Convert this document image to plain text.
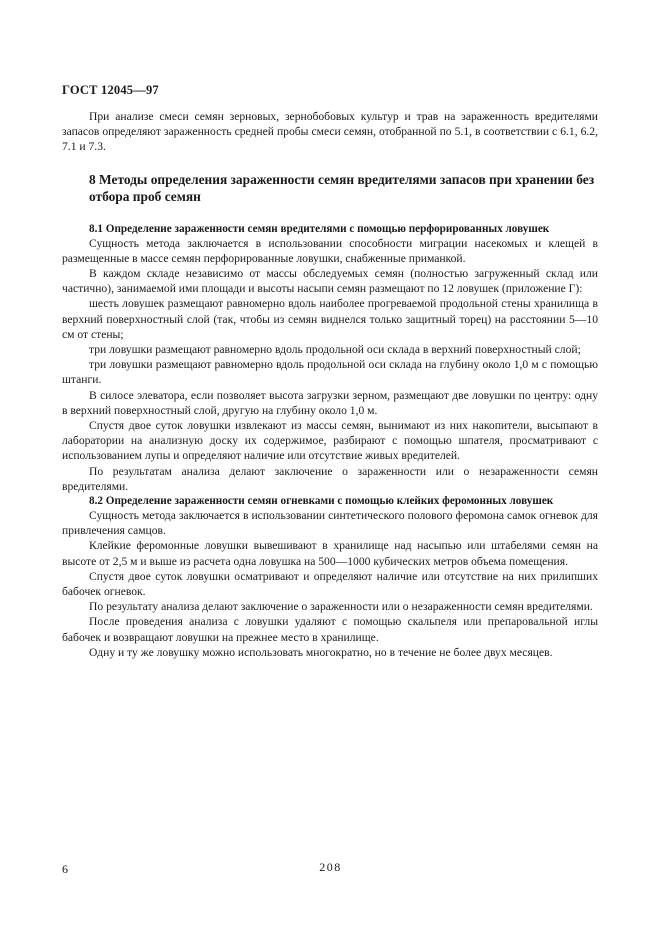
ГОСТ 12045—97

При анализе смеси семян зерновых, зернобобовых культур и трав на зараженность вредителями запасов определяют зараженность средней пробы смеси семян, отобранной по 5.1, в соответствии с 6.1, 6.2, 7.1 и 7.3.

8 Методы определения зараженности семян вредителями запасов при хранении без отбора проб семян
8.1 Определение зараженности семян вредителями с помощью перфорированных ловушек

Сущность метода заключается в использовании способности миграции насекомых и клещей в размещенные в массе семян перфорированные ловушки, снабженные приманкой.

В каждом складе независимо от массы обследуемых семян (полностью загруженный склад или частично), занимаемой ими площади и высоты насыпи семян размещают по 12 ловушек (приложение Г):

шесть ловушек размещают равномерно вдоль наиболее прогреваемой продольной стены хранилища в верхний поверхностный слой (так, чтобы из семян виднелся только защитный торец) на расстоянии 5—10 см от стены;

три ловушки размещают равномерно вдоль продольной оси склада в верхний поверхностный слой;

три ловушки размещают равномерно вдоль продольной оси склада на глубину около 1,0 м с помощью штанги.

В силосе элеватора, если позволяет высота загрузки зерном, размещают две ловушки по центру: одну в верхний поверхностный слой, другую на глубину около 1,0 м.

Спустя двое суток ловушки извлекают из массы семян, вынимают из них накопители, высыпают в лаборатории на анализную доску их содержимое, разбирают с помощью шпателя, просматривают с использованием лупы и определяют наличие или отсутствие живых вредителей.

По результатам анализа делают заключение о зараженности или о незараженности семян вредителями.

8.2 Определение зараженности семян огневками с помощью клейких феромонных ловушек

Сущность метода заключается в использовании синтетического полового феромона самок огневок для привлечения самцов.

Клейкие феромонные ловушки вывешивают в хранилище над насыпью или штабелями семян на высоте от 2,5 м и выше из расчета одна ловушка на 500—1000 кубических метров объема помещения.

Спустя двое суток ловушки осматривают и определяют наличие или отсутствие на них прилипших бабочек огневок.

По результату анализа делают заключение о зараженности или о незараженности семян вредителями.

После проведения анализа с ловушки удаляют с помощью скальпеля или препаровальной иглы бабочек и возвращают ловушки на прежнее место в хранилище.

Одну и ту же ловушку можно использовать многократно, но в течение не более двух месяцев.

6	208
